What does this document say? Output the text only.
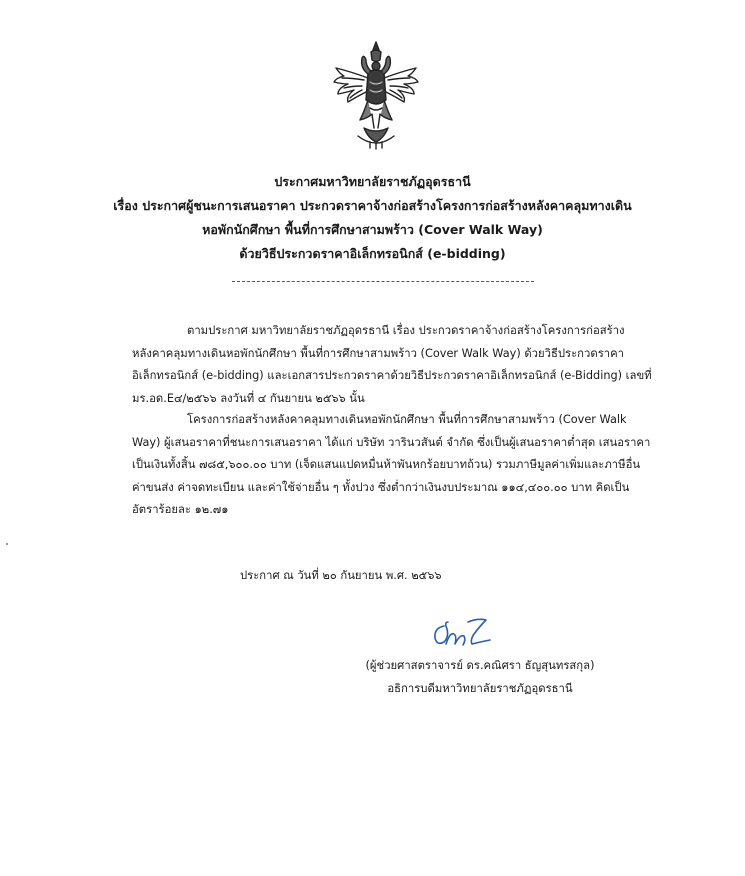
ประกาศมหาวิทยาลัยราชภัฏอุดรธานี
เรื่อง ประกาศผู้ชนะการเสนอราคา ประกวดราคาจ้างก่อสร้างโครงการก่อสร้างหลังคาคลุมทางเดิน
หอพักนักศึกษา พื้นที่การศึกษาสามพร้าว (Cover Walk Way)
ด้วยวิธีประกวดราคาอิเล็กทรอนิกส์ (e-bidding)
ตามประกาศ มหาวิทยาลัยราชภัฏอุดรธานี เรื่อง ประกวดราคาจ้างก่อสร้างโครงการก่อสร้าง
หลังคาคลุมทางเดินหอพักนักศึกษา พื้นที่การศึกษาสามพร้าว (Cover Walk Way) ด้วยวิธีประกวดราคา
อิเล็กทรอนิกส์ (e-bidding) และเอกสารประกวดราคาด้วยวิธีประกวดราคาอิเล็กทรอนิกส์ (e-Bidding) เลขที่
มร.อด.E๔/๒๕๖๖ ลงวันที่ ๔ กันยายน ๒๕๖๖ นั้น
โครงการก่อสร้างหลังคาคลุมทางเดินหอพักนักศึกษา พื้นที่การศึกษาสามพร้าว (Cover Walk
Way) ผู้เสนอราคาที่ชนะการเสนอราคา ได้แก่ บริษัท วารินวสันต์ จำกัด ซึ่งเป็นผู้เสนอราคาต่ำสุด เสนอราคา
เป็นเงินทั้งสิ้น ๗๘๕,๖๐๐.๐๐ บาท (เจ็ดแสนแปดหมื่นห้าพันหกร้อยบาทถ้วน) รวมภาษีมูลค่าเพิ่มและภาษีอื่น
ค่าขนส่ง ค่าจดทะเบียน และค่าใช้จ่ายอื่น ๆ ทั้งปวง ซึ่งต่ำกว่าเงินงบประมาณ ๑๑๔,๔๐๐.๐๐ บาท คิดเป็น
อัตราร้อยละ ๑๒.๗๑
ประกาศ ณ วันที่ ๒๐ กันยายน พ.ศ. ๒๕๖๖
(ผู้ช่วยศาสตราจารย์ ดร.คณิศรา ธัญสุนทรสกุล)
อธิการบดีมหาวิทยาลัยราชภัฏอุดรธานี
